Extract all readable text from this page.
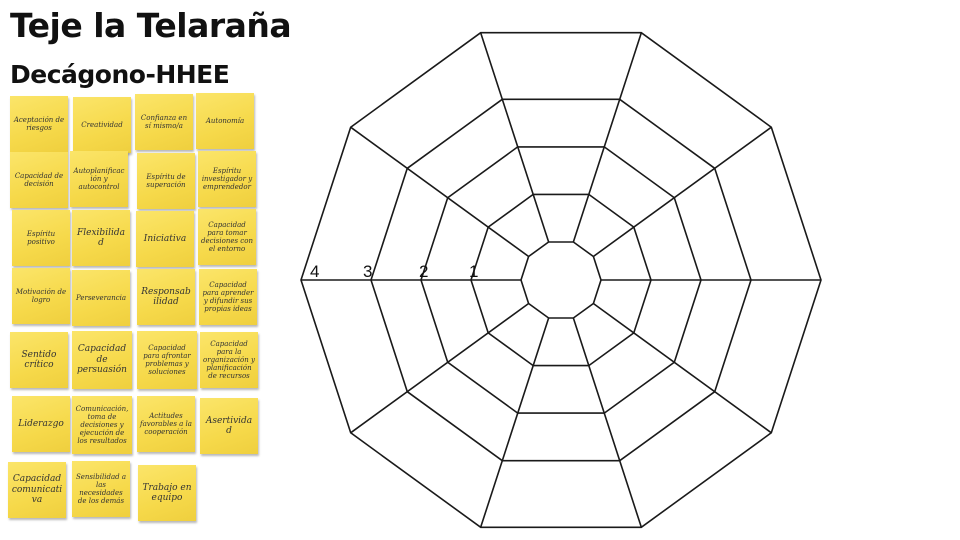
Teje la Telaraña
Decágono-HHEE
Aceptación de riesgos	Creatividad
Confianza en sí mismo/a
Autonomía
Capacidad de decisión
Autoplanificación y autocontrol
Espíritu de superación
Espíritu investigador y emprendedor
Espíritu positivo
Flexibilidad	Iniciativa
Capacidad para tomar decisiones con el entorno
Motivación de logro	Perseverancia
Responsabilidad
Capacidad para aprender y difundir sus propias ideas
Sentido crítico
Capacidad de persuasión
Capacidad para afrontar problemas y soluciones
Capacidad para la organización y planificación de recursos
Liderazgo
Comunicación, toma de decisiones y ejecución de los resultados
Actitudes favorables a la cooperación
Asertividad
Capacidad comunicativa
Sensibilidad a las necesidades de los demás
Trabajo en equipo
4	3	2 1
